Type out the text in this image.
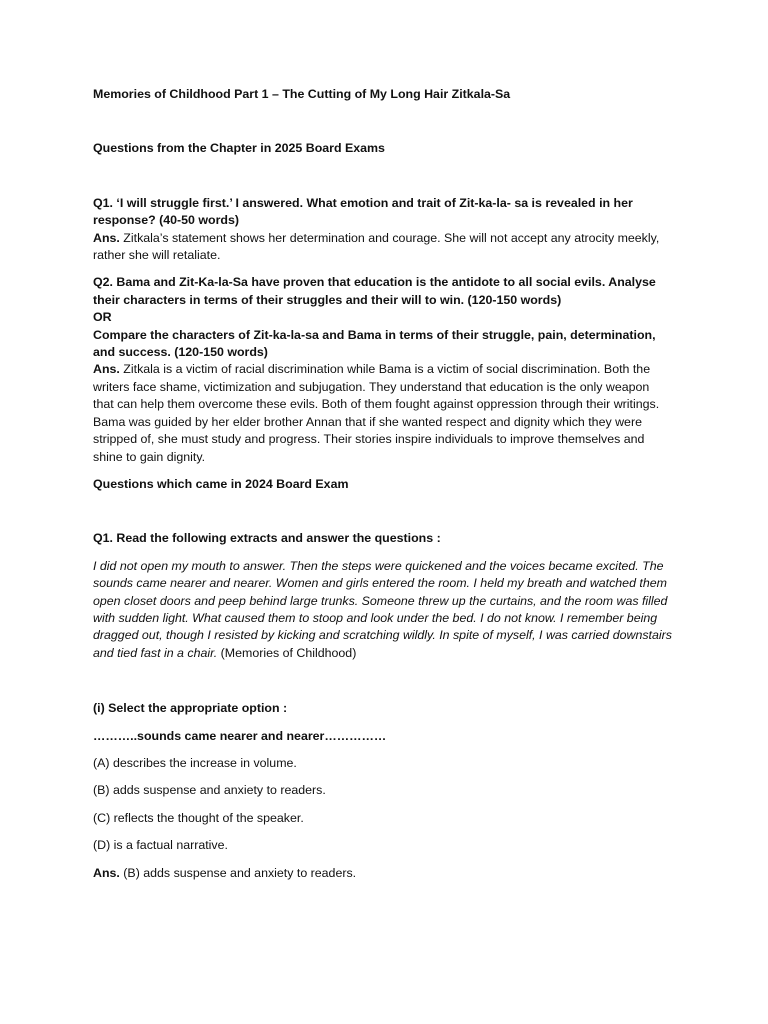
Memories of Childhood Part 1 – The Cutting of My Long Hair Zitkala-Sa

Questions from the Chapter in 2025 Board Exams

Q1. ‘I will struggle first.’ I answered. What emotion and trait of Zit-ka-la- sa is revealed in her response? (40-50 words)

Ans. Zitkala’s statement shows her determination and courage. She will not accept any atrocity meekly, rather she will retaliate.

Q2. Bama and Zit-Ka-la-Sa have proven that education is the antidote to all social evils. Analyse their characters in terms of their struggles and their will to win. (120-150 words)

OR

Compare the characters of Zit-ka-la-sa and Bama in terms of their struggle, pain, determination, and success. (120-150 words)

Ans. Zitkala is a victim of racial discrimination while Bama is a victim of social discrimination. Both the writers face shame, victimization and subjugation. They understand that education is the only weapon that can help them overcome these evils. Both of them fought against oppression through their writings. Bama was guided by her elder brother Annan that if she wanted respect and dignity which they were stripped of, she must study and progress. Their stories inspire individuals to improve themselves and shine to gain dignity.

Questions which came in 2024 Board Exam

Q1. Read the following extracts and answer the questions :

I did not open my mouth to answer. Then the steps were quickened and the voices became excited. The sounds came nearer and nearer. Women and girls entered the room. I held my breath and watched them open closet doors and peep behind large trunks. Someone threw up the curtains, and the room was filled with sudden light. What caused them to stoop and look under the bed. I do not know. I remember being dragged out, though I resisted by kicking and scratching wildly. In spite of myself, I was carried downstairs and tied fast in a chair. (Memories of Childhood)

(i) Select the appropriate option :

………..sounds came nearer and nearer……………

(A) describes the increase in volume.

(B) adds suspense and anxiety to readers.

(C) reflects the thought of the speaker.

(D) is a factual narrative.

Ans. (B) adds suspense and anxiety to readers.
